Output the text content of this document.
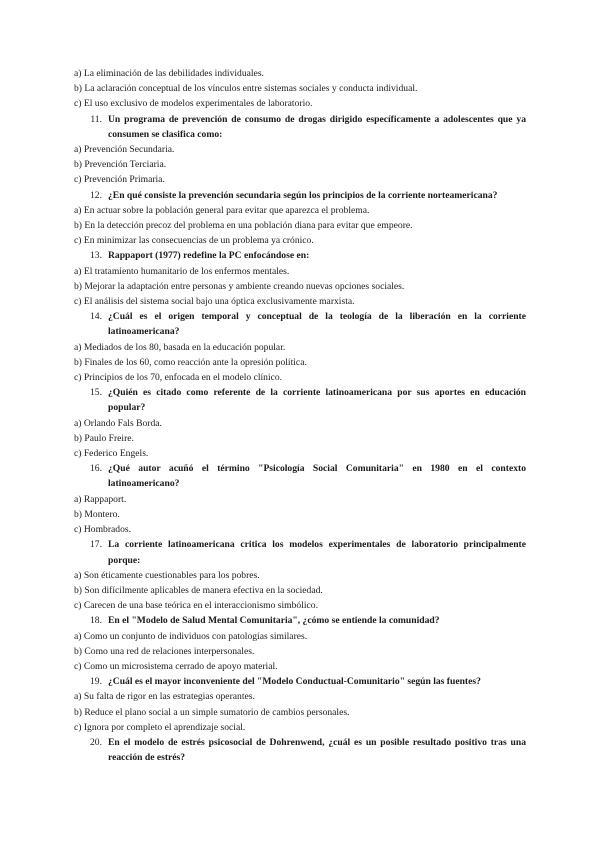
a) La eliminación de las debilidades individuales.

b) La aclaración conceptual de los vínculos entre sistemas sociales y conducta individual.

c) El uso exclusivo de modelos experimentales de laboratorio.

11. Un programa de prevención de consumo de drogas dirigido específicamente a adolescentes que ya consumen se clasifica como:

a) Prevención Secundaria.

b) Prevención Terciaria.

c) Prevención Primaria.

12. ¿En qué consiste la prevención secundaria según los principios de la corriente norteamericana?

a) En actuar sobre la población general para evitar que aparezca el problema.

b) En la detección precoz del problema en una población diana para evitar que empeore.

c) En minimizar las consecuencias de un problema ya crónico.

13. Rappaport (1977) redefine la PC enfocándose en:

a) El tratamiento humanitario de los enfermos mentales.

b) Mejorar la adaptación entre personas y ambiente creando nuevas opciones sociales.

c) El análisis del sistema social bajo una óptica exclusivamente marxista.

14. ¿Cuál es el origen temporal y conceptual de la teología de la liberación en la corriente latinoamericana?

a) Mediados de los 80, basada en la educación popular.

b) Finales de los 60, como reacción ante la opresión política.

c) Principios de los 70, enfocada en el modelo clínico.

15. ¿Quién es citado como referente de la corriente latinoamericana por sus aportes en educación popular?

a) Orlando Fals Borda.

b) Paulo Freire.

c) Federico Engels.

16. ¿Qué autor acuñó el término "Psicología Social Comunitaria" en 1980 en el contexto latinoamericano?

a) Rappaport.

b) Montero.

c) Hombrados.

17. La corriente latinoamericana critica los modelos experimentales de laboratorio principalmente porque:

a) Son éticamente cuestionables para los pobres.

b) Son difícilmente aplicables de manera efectiva en la sociedad.

c) Carecen de una base teórica en el interaccionismo simbólico.

18. En el "Modelo de Salud Mental Comunitaria", ¿cómo se entiende la comunidad?

a) Como un conjunto de individuos con patologías similares.

b) Como una red de relaciones interpersonales.

c) Como un microsistema cerrado de apoyo material.

19. ¿Cuál es el mayor inconveniente del "Modelo Conductual-Comunitario" según las fuentes?

a) Su falta de rigor en las estrategias operantes.

b) Reduce el plano social a un simple sumatorio de cambios personales.

c) Ignora por completo el aprendizaje social.

20. En el modelo de estrés psicosocial de Dohrenwend, ¿cuál es un posible resultado positivo tras una reacción de estrés?
